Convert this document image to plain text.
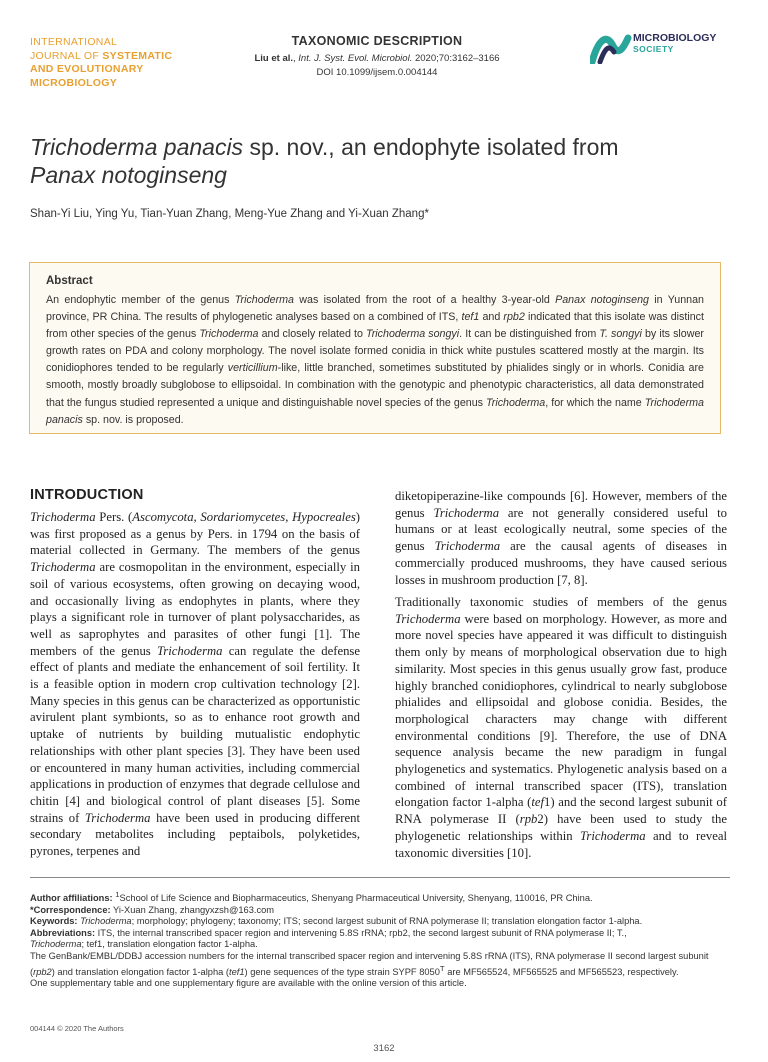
INTERNATIONAL
JOURNAL OF SYSTEMATIC
AND EVOLUTIONARY
MICROBIOLOGY
TAXONOMIC DESCRIPTION
Liu et al., Int. J. Syst. Evol. Microbiol. 2020;70:3162–3166
DOI 10.1099/ijsem.0.004144
MICROBIOLOGY
SOCIETY
Trichoderma panacis sp. nov., an endophyte isolated from
Panax notoginseng
Shan-Yi Liu, Ying Yu, Tian-Yuan Zhang, Meng-Yue Zhang and Yi-Xuan Zhang*
Abstract
An endophytic member of the genus Trichoderma was isolated from the root of a healthy 3-year-old Panax notoginseng in Yunnan province, PR China. The results of phylogenetic analyses based on a combined of ITS, tef1 and rpb2 indicated that this isolate was distinct from other species of the genus Trichoderma and closely related to Trichoderma songyi. It can be distinguished from T. songyi by its slower growth rates on PDA and colony morphology. The novel isolate formed conidia in thick white pustules scattered mostly at the margin. Its conidiophores tended to be regularly verticillium-like, little branched, sometimes substituted by phialides singly or in whorls. Conidia are smooth, mostly broadly subglobose to ellipsoidal. In combination with the genotypic and phenotypic characteristics, all data demonstrated that the fungus studied represented a unique and distinguishable novel species of the genus Trichoderma, for which the name Trichoderma panacis sp. nov. is proposed.
INTRODUCTION
Trichoderma Pers. (Ascomycota, Sordariomycetes, Hypocreales) was first proposed as a genus by Pers. in 1794 on the basis of material collected in Germany. The members of the genus Trichoderma are cosmopolitan in the environment, especially in soil of various ecosystems, often growing on decaying wood, and occasionally living as endophytes in plants, where they plays a significant role in turnover of plant polysaccharides, as well as saprophytes and parasites of other fungi [1]. The members of the genus Trichoderma can regulate the defense effect of plants and mediate the enhancement of soil fertility. It is a feasible option in modern crop cultivation technology [2]. Many species in this genus can be characterized as opportunistic avirulent plant symbionts, so as to enhance root growth and uptake of nutrients by building mutualistic endophytic relationships with other plant species [3]. They have been used or encountered in many human activities, including commercial applications in production of enzymes that degrade cellulose and chitin [4] and biological control of plant diseases [5]. Some strains of Trichoderma have been used in producing different secondary metabolites including peptaibols, polyketides, pyrones, terpenes and
diketopiperazine-like compounds [6]. However, members of the genus Trichoderma are not generally considered useful to humans or at least ecologically neutral, some species of the genus Trichoderma are the causal agents of diseases in commercially produced mushrooms, they have caused serious losses in mushroom production [7, 8].
Traditionally taxonomic studies of members of the genus Trichoderma were based on morphology. However, as more and more novel species have appeared it was difficult to distinguish them only by means of morphological observation due to high similarity. Most species in this genus usually grow fast, produce highly branched conidiophores, cylindrical to nearly subglobose phialides and ellipsoidal and globose conidia. Besides, the morphological characters may change with different environmental conditions [9]. Therefore, the use of DNA sequence analysis became the new paradigm in fungal phylogenetics and systematics. Phylogenetic analysis based on a combined of internal transcribed spacer (ITS), translation elongation factor 1-alpha (tef1) and the second largest subunit of RNA polymerase II (rpb2) have been used to study the phylogenetic relationships within Trichoderma and to reveal taxonomic diversities [10].

Author affiliations: $^1$School of Life Science and Biopharmaceutics, Shenyang Pharmaceutical University, Shenyang, 110016, PR China.

*Correspondence: Yi-Xuan Zhang, zhangyxzsh@163.com

Keywords: Trichoderma; morphology; phylogeny; taxonomy; ITS; second largest subunit of RNA polymerase II; translation elongation factor 1-alpha.

Abbreviations: ITS, the internal transcribed spacer region and intervening 5.8S rRNA; rpb2, the second largest subunit of RNA polymerase II; T.,
Trichoderma; tef1, translation elongation factor 1-alpha.

The GenBank/EMBL/DDBJ accession numbers for the internal transcribed spacer region and intervening 5.8S rRNA (ITS), RNA polymerase II second largest subunit (rpb2) and translation elongation factor 1-alpha (tef1) gene sequences of the type strain SYPF $8050^T$ are MF565524, MF565525 and MF565523, respectively.

One supplementary table and one supplementary figure are available with the online version of this article.

004144 © 2020 The Authors
3162
